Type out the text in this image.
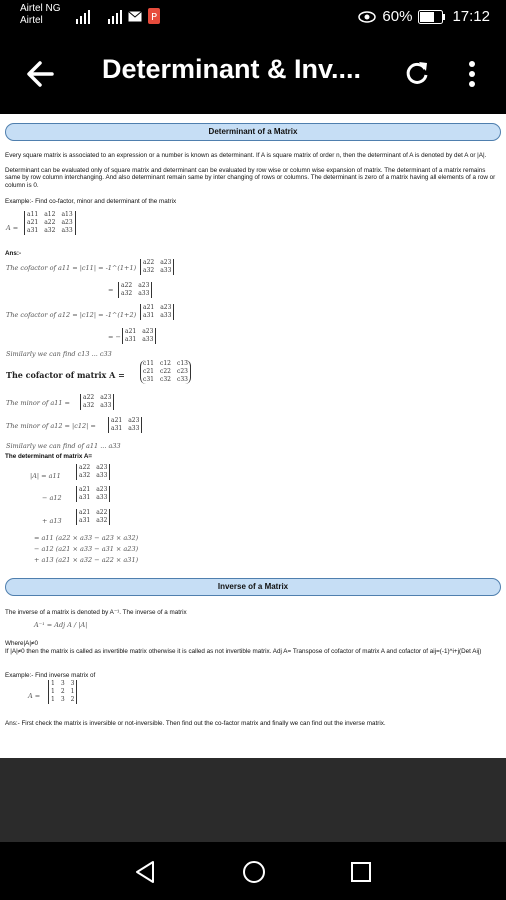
Airtel NG
Airtel	P	60%	17:12
Determinant & Inv....
Determinant of a Matrix

Every square matrix is associated to an expression or a number is known as determinant. If A is square matrix of order n, then the determinant of A is denoted by det A or |A|.

Determinant can be evaluated only of square matrix and determinant can be evaluated by row wise or column wise expansion of matrix. The determinant of a matrix remains same by row column interchanging. And also determinant remain same by inter changing of rows or columns. The determinant is zero of a matrix having all elements of a row or column is 0.

Example:- Find co-factor, minor and determinant of the matrix

A =
a11 a12 a13
a21 a22 a23
a31 a32 a33

Ans:-

The cofactor of a11 = |c11| = -1^(1+1)
a22 a23
a32 a33
=
a22 a23
a32 a33
The cofactor of a12 = |c12| = -1^(1+2)
a21 a23
a31 a33
= −
a21 a23
a31 a33
Similarly we can find c13 ... c33
The cofactor of matrix A =
c11 c12 c13
c21 c22 c23
c31 c32 c33
The minor of a11 =
a22 a23
a32 a33
The minor of a12 = |c12| =
a21 a23
a31 a33
Similarly we can find of a11 ... a33

The determinant of matrix A=

|A| = a11
a22 a23
a32 a33
− a12
a21 a23
a31 a33
+ a13
a21 a22
a31 a32
= a11 (a22 × a33 − a23 × a32)
− a12 (a21 × a33 − a31 × a23)
+ a13 (a21 × a32 − a22 × a31)
Inverse of a Matrix

The inverse of a matrix is denoted by A⁻¹. The inverse of a matrix

A⁻¹ = Adj A / |A|

Where|A|≠0

If |A|≠0 then the matrix is called as invertible matrix otherwise it is called as not invertible matrix. Adj A= Transpose of cofactor of matrix A and cofactor of aij=(-1)^i+j(Det Aij)

Example:- Find inverse matrix of

A =
1 3 3
1 2 1
1 3 2

Ans:- First check the matrix is inversible or not-inversible. Then find out the co-factor matrix and finally we can find out the inverse matrix.
